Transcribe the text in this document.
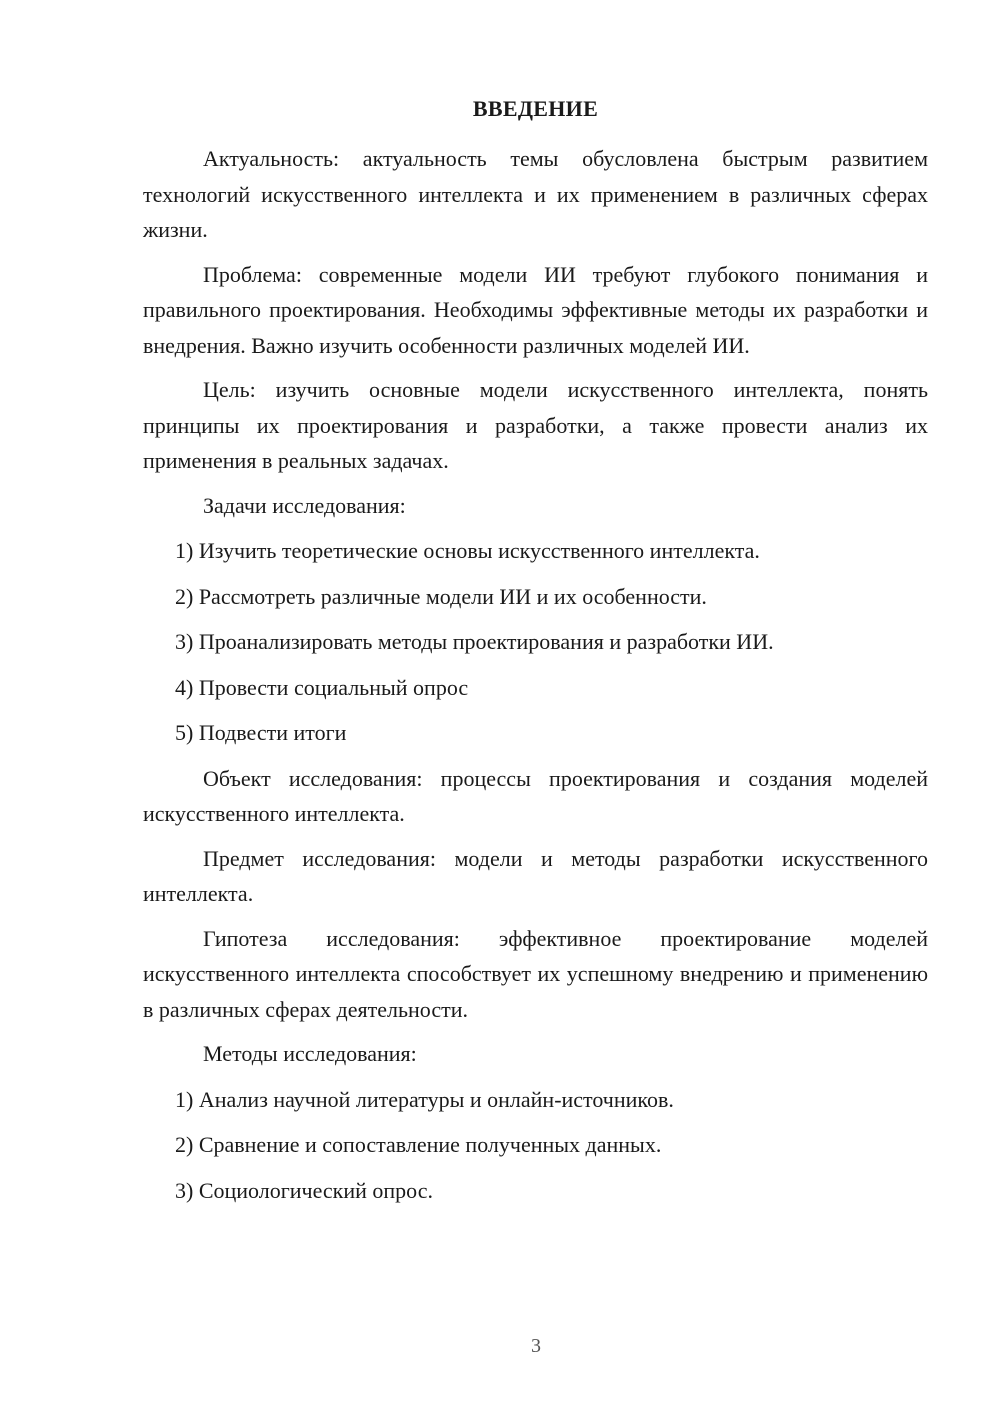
ВВЕДЕНИЕ

Актуальность: актуальность темы обусловлена быстрым развитием технологий искусственного интеллекта и их применением в различных сферах жизни.

Проблема: современные модели ИИ требуют глубокого понимания и правильного проектирования. Необходимы эффективные методы их разработки и внедрения. Важно изучить особенности различных моделей ИИ.

Цель: изучить основные модели искусственного интеллекта, понять принципы их проектирования и разработки, а также провести анализ их применения в реальных задачах.

Задачи исследования:

1) Изучить теоретические основы искусственного интеллекта.
2) Рассмотреть различные модели ИИ и их особенности.
3) Проанализировать методы проектирования и разработки ИИ.
4) Провести социальный опрос
5) Подвести итоги

Объект исследования: процессы проектирования и создания моделей искусственного интеллекта.

Предмет исследования: модели и методы разработки искусственного интеллекта.

Гипотеза исследования: эффективное проектирование моделей искусственного интеллекта способствует их успешному внедрению и применению в различных сферах деятельности.

Методы исследования:

1) Анализ научной литературы и онлайн-источников.
2) Сравнение и сопоставление полученных данных.
3) Социологический опрос.
3
